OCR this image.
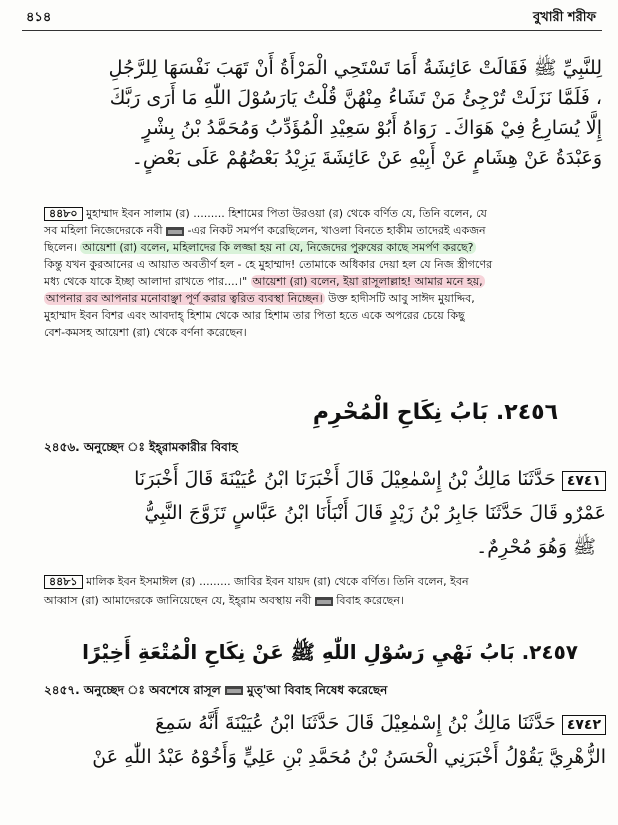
৪১৪	বুখারী শরীফ
لِلنَّبِيِّ ﷺ فَقَالَتْ عَائِشَةُ أَمَا تَسْتَحِي الْمَرْأَةُ أَنْ تَهَبَ نَفْسَهَا لِلرَّجُلِ
، فَلَمَّا نَزَلَتْ تُرْجِئُ مَنْ تَشَاءُ مِنْهُنَّ قُلْتُ يَارَسُوْلَ اللّٰهِ مَا أَرَى رَبَّكَ
إِلَّا يُسَارِعُ فِيْ هَوَاكَ۔ رَوَاهُ أَبُوْ سَعِيْدِ الْمُؤَدِّبُ وَمُحَمَّدُ بْنُ بِشْرٍ
وَعَبْدَةُ عَنْ هِشَامٍ عَنْ أَبِيْهِ عَنْ عَائِشَةَ يَزِيْدُ بَعْضُهُمْ عَلَى بَعْضٍ۔
৪৪৮০ মুহাম্মাদ ইবন সালাম (র) ......... হিশামের পিতা উরওয়া (র) থেকে বর্ণিত যে, তিনি বলেন, যে
সব মহিলা নিজেদেরকে নবী -এর নিকট সমর্পণ করেছিলেন, খাওলা বিনতে হাকীম তাদেরই একজন
ছিলেন। আয়েশা (রা) বলেন, মহিলাদের কি লজ্জা হয় না যে, নিজেদের পুরুষের কাছে সমর্পণ করছে?
কিন্তু যখন কুরআনের এ আয়াত অবতীর্ণ হল - হে মুহাম্মাদ! তোমাকে অধিকার দেয়া হল যে নিজ স্ত্রীগণের
মধ্য থেকে যাকে ইচ্ছা আলাদা রাখতে পার....।" আয়েশা (রা) বলেন, ইয়া রাসূলাল্লাহ! আমার মনে হয়,
আপনার রব আপনার মনোবাঞ্ছা পূর্ণ করার ত্বরিত ব্যবস্থা নিচ্ছেন। উক্ত হাদীসটি আবু সাঈদ মুয়াদ্দিব,
মুহাম্মাদ ইবন বিশর এবং আবদাহ্ হিশাম থেকে আর হিশাম তার পিতা হতে একে অপরের চেয়ে কিছু
বেশ-কমসহ আয়েশা (রা) থেকে বর্ণনা করেছেন।
٢٤٥٦. بَابُ نِكَاحِ الْمُحْرِمِ
২৪৫৬. অনুচ্ছেদ ঃ ইহ্‌রামকারীর বিবাহ
٤٧٤١ حَدَّثَنَا مَالِكُ بْنُ إِسْمٰعِيْلَ قَالَ أَخْبَرَنَا ابْنُ عُيَيْنَةَ قَالَ أَخْبَرَنَا
عَمْرٌو قَالَ حَدَّثَنَا جَابِرُ بْنُ زَيْدٍ قَالَ أَنْبَأَنَا ابْنُ عَبَّاسٍ تَزَوَّجَ النَّبِيُّ
ﷺ وَهُوَ مُحْرِمٌ۔
৪৪৮১ মালিক ইবন ইসমাঈল (র) ......... জাবির ইবন যায়দ (রা) থেকে বর্ণিত। তিনি বলেন, ইবন
আব্বাস (রা) আমাদেরকে জানিয়েছেন যে, ইহ্‌রাম অবস্থায় নবী বিবাহ করেছেন।
٢٤٥٧. بَابُ نَهْيِ رَسُوْلِ اللّٰهِ ﷺ عَنْ نِكَاحِ الْمُتْعَةِ أَخِيْرًا
২৪৫৭. অনুচ্ছেদ ঃ অবশেষে রাসূল মুত্‌'আ বিবাহ নিষেধ করেছেন
٤٧٤٢ حَدَّثَنَا مَالِكُ بْنُ إِسْمٰعِيْلَ قَالَ حَدَّثَنَا ابْنُ عُيَيْنَةَ أَنَّهُ سَمِعَ
الزُّهْرِيَّ يَقُوْلُ أَخْبَرَنِي الْحَسَنُ بْنُ مُحَمَّدِ بْنِ عَلِيٍّ وَأَخُوْهُ عَبْدُ اللّٰهِ عَنْ
